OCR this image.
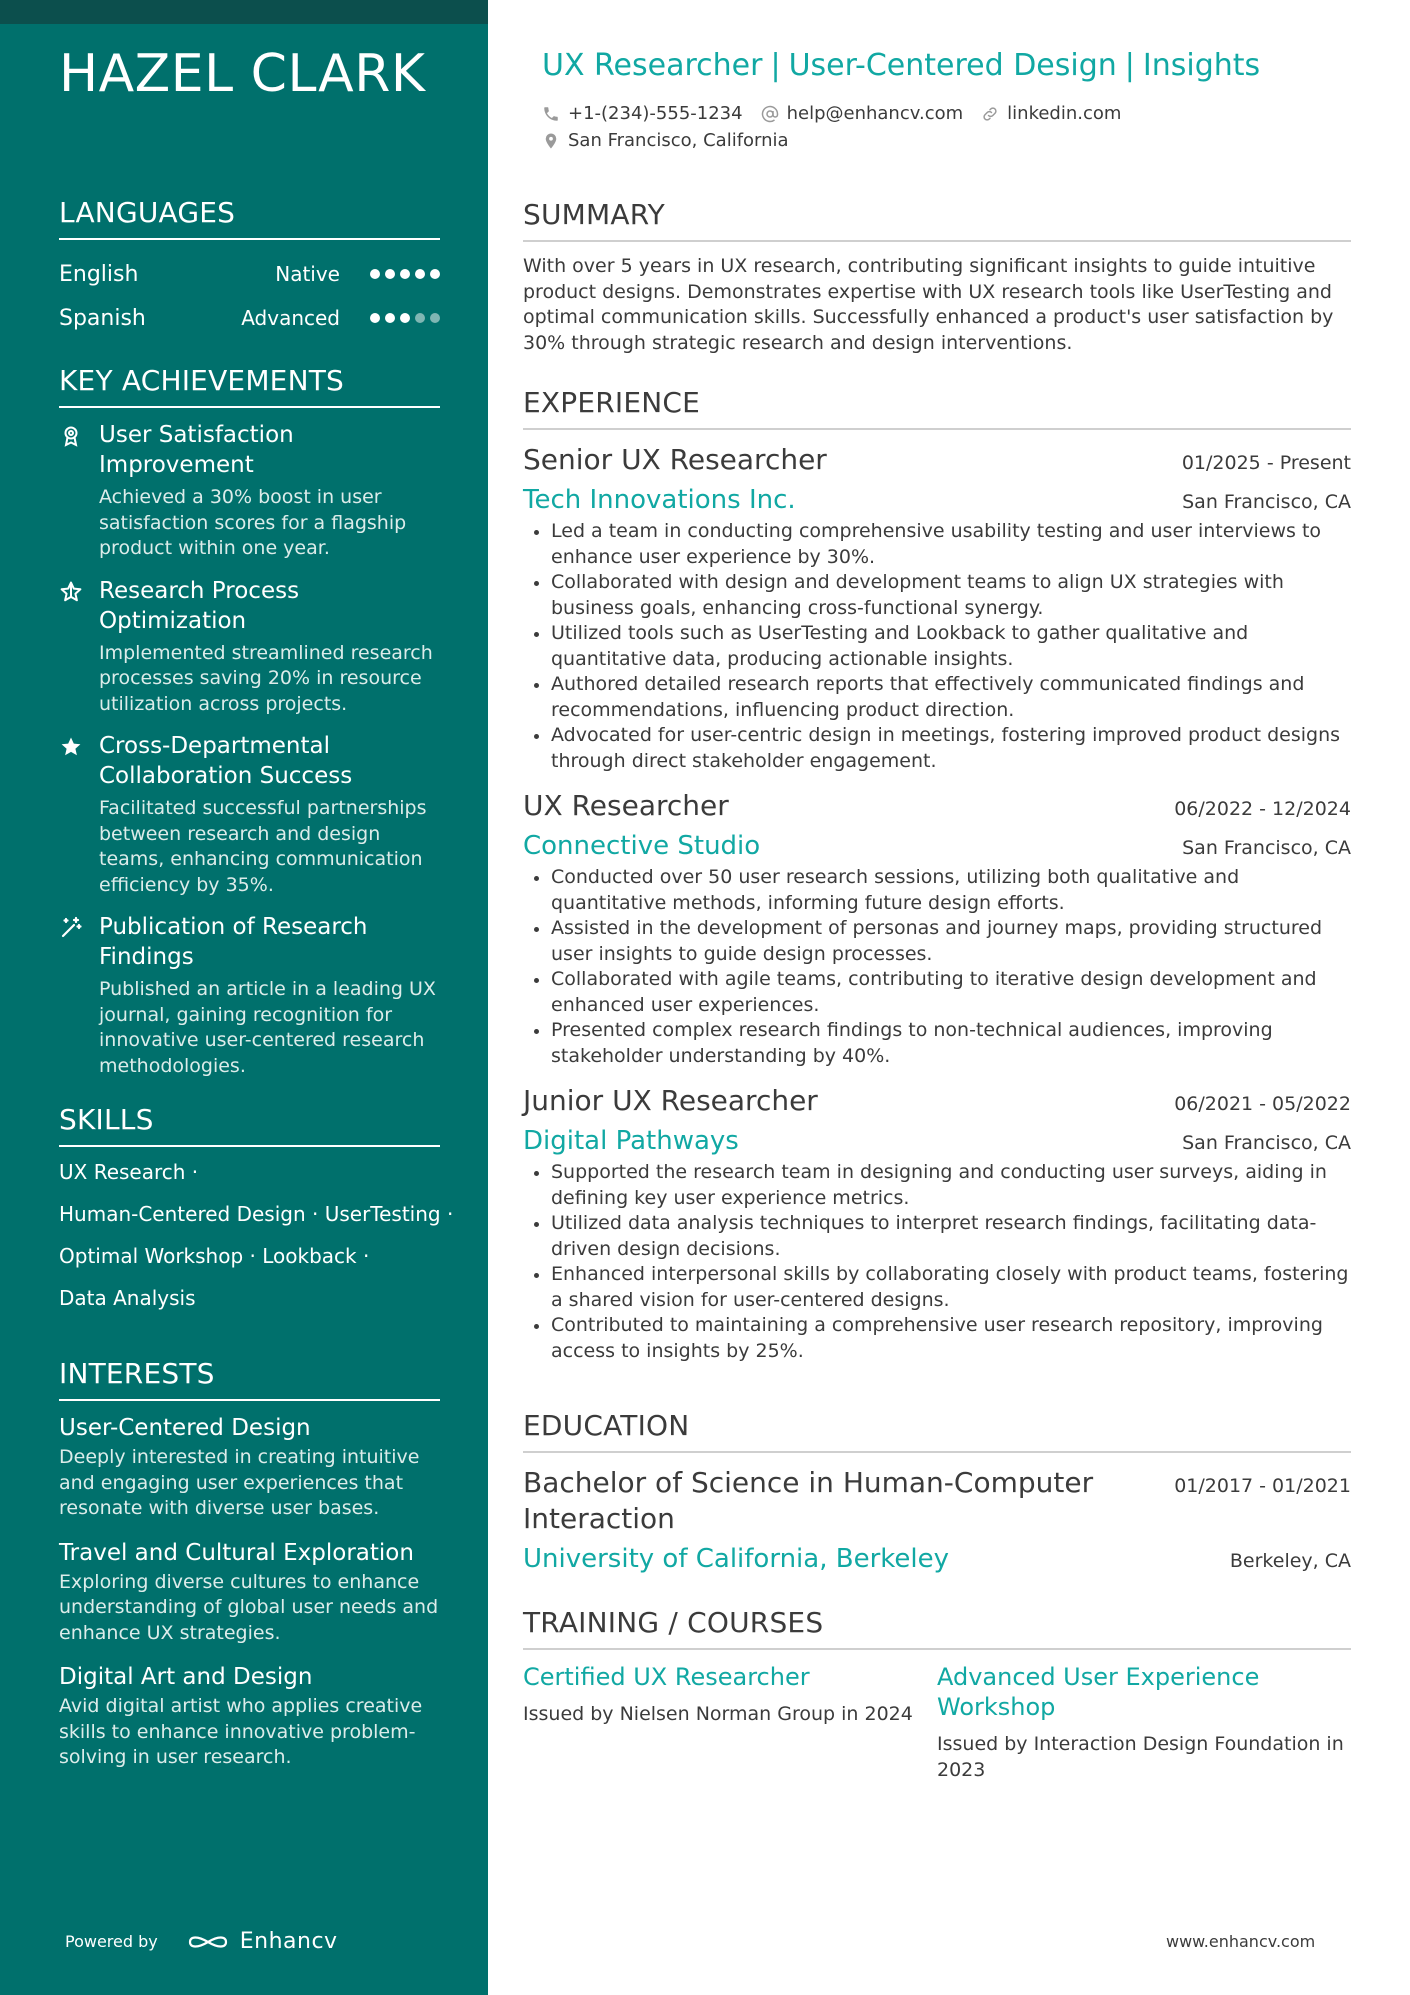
HAZEL CLARK
LANGUAGES
English	Native
Spanish	Advanced
KEY ACHIEVEMENTS
User Satisfaction Improvement
Achieved a 30% boost in user satisfaction scores for a flagship product within one year.
Research Process Optimization
Implemented streamlined research processes saving 20% in resource utilization across projects.
Cross-Departmental Collaboration Success
Facilitated successful partnerships between research and design teams, enhancing communication efficiency by 35%.
Publication of Research Findings
Published an article in a leading UX journal, gaining recognition for innovative user-centered research methodologies.
SKILLS
UX Research ·
Human-Centered Design · UserTesting ·
Optimal Workshop · Lookback ·
Data Analysis
INTERESTS
User-Centered Design
Deeply interested in creating intuitive and engaging user experiences that resonate with diverse user bases.
Travel and Cultural Exploration
Exploring diverse cultures to enhance understanding of global user needs and enhance UX strategies.
Digital Art and Design
Avid digital artist who applies creative skills to enhance innovative problem-solving in user research.
Powered by	Enhancv
UX Researcher | User-Centered Design | Insights
+1-(234)-555-1234 help@enhancv.com linkedin.com
San Francisco, California
SUMMARY

With over 5 years in UX research, contributing significant insights to guide intuitive product designs. Demonstrates expertise with UX research tools like UserTesting and optimal communication skills. Successfully enhanced a product's user satisfaction by 30% through strategic research and design interventions.

EXPERIENCE
Senior UX Researcher	01/2025 - Present
Tech Innovations Inc.	San Francisco, CA
Led a team in conducting comprehensive usability testing and user interviews to enhance user experience by 30%.
Collaborated with design and development teams to align UX strategies with business goals, enhancing cross-functional synergy.
Utilized tools such as UserTesting and Lookback to gather qualitative and quantitative data, producing actionable insights.
Authored detailed research reports that effectively communicated findings and recommendations, influencing product direction.
Advocated for user-centric design in meetings, fostering improved product designs through direct stakeholder engagement.
UX Researcher	06/2022 - 12/2024
Connective Studio	San Francisco, CA
Conducted over 50 user research sessions, utilizing both qualitative and quantitative methods, informing future design efforts.
Assisted in the development of personas and journey maps, providing structured user insights to guide design processes.
Collaborated with agile teams, contributing to iterative design development and enhanced user experiences.
Presented complex research findings to non-technical audiences, improving stakeholder understanding by 40%.
Junior UX Researcher	06/2021 - 05/2022
Digital Pathways	San Francisco, CA
Supported the research team in designing and conducting user surveys, aiding in defining key user experience metrics.
Utilized data analysis techniques to interpret research findings, facilitating data-driven design decisions.
Enhanced interpersonal skills by collaborating closely with product teams, fostering a shared vision for user-centered designs.
Contributed to maintaining a comprehensive user research repository, improving access to insights by 25%.
EDUCATION
Bachelor of Science in Human-Computer Interaction
01/2017 - 01/2021
University of California, Berkeley	Berkeley, CA
TRAINING / COURSES
Certified UX Researcher
Issued by Nielsen Norman Group in 2024
Advanced User Experience Workshop
Issued by Interaction Design Foundation in 2023
www.enhancv.com
